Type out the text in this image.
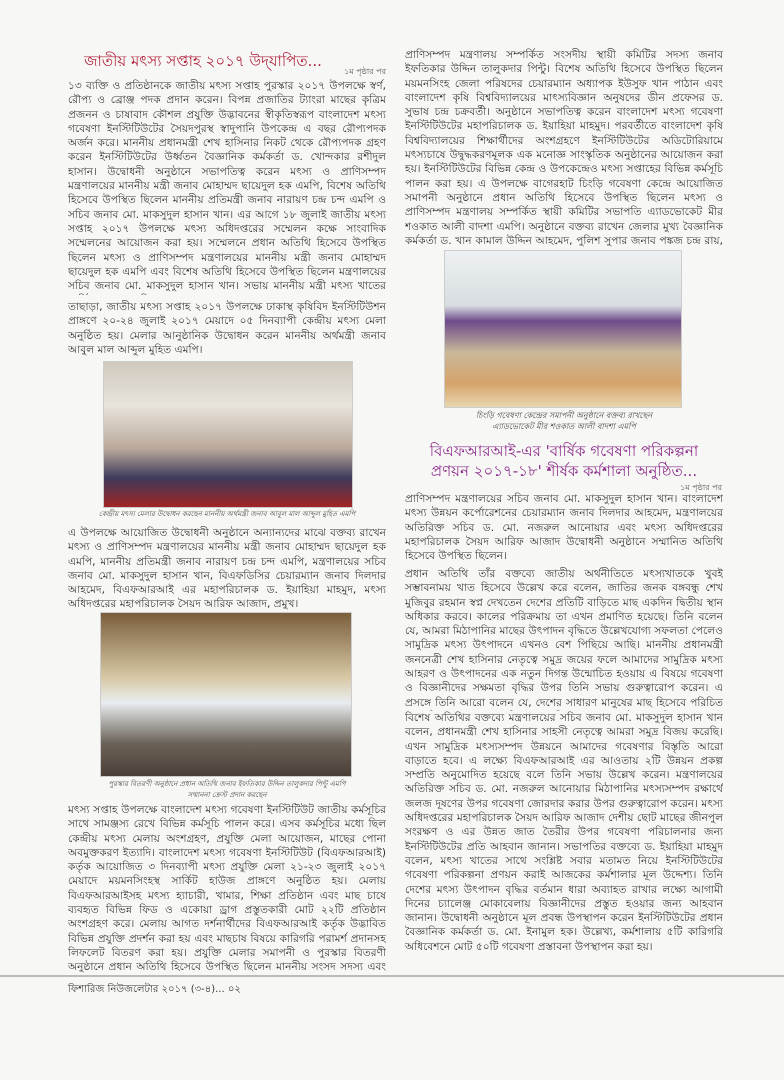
জাতীয় মৎস্য সপ্তাহ ২০১৭ উদ্‌যাপিত...
১ম পৃষ্ঠার পর
১৩ ব্যক্তি ও প্রতিষ্ঠানকে জাতীয় মৎস্য সপ্তাহ পুরস্কার ২০১৭ উপলক্ষে স্বর্ণ, রৌপ্য ও ব্রোঞ্জ পদক প্রদান করেন। বিপন্ন প্রজাতির ট্যাংরা মাছের কৃত্রিম প্রজনন ও চাষাবাদ কৌশল প্রযুক্তি উদ্ভাবনের স্বীকৃতিস্বরূপ বাংলাদেশ মৎস্য গবেষণা ইনস্টিটিউটের সৈয়দপুরস্থ স্বাদুপানি উপকেন্দ্র এ বছর রৌপ্যপদক অর্জন করে। মাননীয় প্রধানমন্ত্রী শেখ হাসিনার নিকট থেকে রৌপ্যপদক গ্রহণ করেন ইনস্টিটিউটের উর্ধ্বতন বৈজ্ঞানিক কর্মকর্তা ড. খোন্দকার রশীদুল হাসান। উদ্বোধনী অনুষ্ঠানে সভাপতিত্ব করেন মৎস্য ও প্রাণিসম্পদ মন্ত্রণালয়ের মাননীয় মন্ত্রী জনাব মোহাম্মদ ছায়েদুল হক এমপি, বিশেষ অতিথি হিসেবে উপস্থিত ছিলেন মাননীয় প্রতিমন্ত্রী জনাব নারায়ণ চন্দ্র চন্দ এমপি ও সচিব জনাব মো. মাকসুদুল হাসান খান। এর আগে ১৮ জুলাই জাতীয় মৎস্য সপ্তাহ ২০১৭ উপলক্ষে মৎস্য অধিদপ্তরের সম্মেলন কক্ষে সাংবাদিক সম্মেলনের আয়োজন করা হয়। সম্মেলনে প্রধান অতিথি হিসেবে উপস্থিত ছিলেন মৎস্য ও প্রাণিসম্পদ মন্ত্রণালয়ের মাননীয় মন্ত্রী জনাব মোহাম্মদ ছায়েদুল হক এমপি এবং বিশেষ অতিথি হিসেবে উপস্থিত ছিলেন মন্ত্রণালয়ের সচিব জনাব মো. মাকসুদুল হাসান খান। সভায় মাননীয় মন্ত্রী মৎস্য খাতের
তাছাড়া, জাতীয় মৎস্য সপ্তাহ ২০১৭ উপলক্ষে ঢাকাস্থ কৃষিবিদ ইনস্টিটিউশন প্রাঙ্গণে ২০-২৪ জুলাই ২০১৭ মেয়াদে ০৫ দিনব্যাপী কেন্দ্রীয় মৎস্য মেলা অনুষ্ঠিত হয়। মেলার আনুষ্ঠানিক উদ্বোধন করেন মাননীয় অর্থমন্ত্রী জনাব আবুল মাল আব্দুল মুহিত এমপি।
কেন্দ্রীয় মৎস্য মেলার উদ্বোধন করছেন মাননীয় অর্থমন্ত্রী জনাব আবুল মাল আব্দুল মুহিত এমপি
এ উপলক্ষে আয়োজিত উদ্বোধনী অনুষ্ঠানে অন্যান্যদের মাঝে বক্তব্য রাখেন মৎস্য ও প্রাণিসম্পদ মন্ত্রণালয়ের মাননীয় মন্ত্রী জনাব মোহাম্মদ ছায়েদুল হক এমপি, মাননীয় প্রতিমন্ত্রী জনাব নারায়ণ চন্দ্র চন্দ এমপি, মন্ত্রণালয়ের সচিব জনাব মো. মাকসুদুল হাসান খান, বিএফডিসির চেয়ারম্যান জনাব দিলদার আহমেদ, বিএফআরআই এর মহাপরিচালক ড. ইয়াহিয়া মাহমুদ, মৎস্য অধিদপ্তরের মহাপরিচালক সৈয়দ আরিফ আজাদ, প্রমুখ।
পুরস্কার বিতরণী অনুষ্ঠানে প্রধান অতিথি জনাব ইফতিকার উদ্দিন তালুকদার পিন্টু এমপি
সম্মাননা ক্রেস্ট প্রদান করছেন
মৎস্য সপ্তাহ উপলক্ষে বাংলাদেশ মৎস্য গবেষণা ইনস্টিটিউট জাতীয় কর্মসূচির সাথে সামঞ্জস্য রেখে বিভিন্ন কর্মসূচি পালন করে। এসব কর্মসূচির মধ্যে ছিল কেন্দ্রীয় মৎস্য মেলায় অংশগ্রহণ, প্রযুক্তি মেলা আয়োজন, মাছের পোনা অবমুক্তকরণ ইত্যাদি। বাংলাদেশ মৎস্য গবেষণা ইনস্টিটিউট (বিএফআরআই) কর্তৃক আয়োজিত ৩ দিনব্যাপী মৎস্য প্রযুক্তি মেলা ২১-২৩ জুলাই ২০১৭ মেয়াদে ময়মনসিংহস্থ সার্কিট হাউজ প্রাঙ্গণে অনুষ্ঠিত হয়। মেলায় বিএফআরআইসহ মৎস্য হ্যাচারী, খামার, শিক্ষা প্রতিষ্ঠান এবং মাছ চাষে ব্যবহৃত বিভিন্ন ফিড ও একোয়া ড্রাগ প্রস্তুতকারী মোট ২২টি প্রতিষ্ঠান অংশগ্রহণ করে। মেলায় আগত দর্শনার্থীদের বিএফআরআই কর্তৃক উদ্ভাবিত বিভিন্ন প্রযুক্তি প্রদর্শন করা হয় এবং মাছচাষ বিষয়ে কারিগরি পরামর্শ প্রদানসহ লিফলেট বিতরণ করা হয়। প্রযুক্তি মেলার সমাপনী ও পুরস্কার বিতরণী অনুষ্ঠানে প্রধান অতিথি হিসেবে উপস্থিত ছিলেন মাননীয় সংসদ সদস্য এবং
প্রাণিসম্পদ মন্ত্রণালয় সম্পর্কিত সংসদীয় স্থায়ী কমিটির সদস্য জনাব ইফতিকার উদ্দিন তালুকদার পিন্টু। বিশেষ অতিথি হিসেবে উপস্থিত ছিলেন ময়মনসিংহ জেলা পরিষদের চেয়ারম্যান অধ্যাপক ইউসুফ খান পাঠান এবং বাংলাদেশ কৃষি বিশ্ববিদ্যালয়ের মাৎস্যবিজ্ঞান অনুষদের ডীন প্রফেসর ড. সুভাষ চন্দ্র চক্রবর্তী। অনুষ্ঠানে সভাপতিত্ব করেন বাংলাদেশ মৎস্য গবেষণা ইনস্টিটিউটের মহাপরিচালক ড. ইয়াহিয়া মাহমুদ। পরবর্তীতে বাংলাদেশ কৃষি বিশ্ববিদ্যালয়ের শিক্ষার্থীদের অংশগ্রহণে ইনস্টিটিউটের অডিটোরিয়ামে মৎস্যচাষে উদ্বুদ্ধকরণমূলক এক মনোজ্ঞ সাংস্কৃতিক অনুষ্ঠানের আয়োজন করা হয়। ইনস্টিটিউটের বিভিন্ন কেন্দ্র ও উপকেন্দ্রেও মৎস্য সপ্তাহের বিভিন্ন কর্মসূচি পালন করা হয়। এ উপলক্ষে বাগেরহাট চিংড়ি গবেষণা কেন্দ্রে আয়োজিত সমাপনী অনুষ্ঠানে প্রধান অতিথি হিসেবে উপস্থিত ছিলেন মৎস্য ও প্রাণিসম্পদ মন্ত্রণালয় সম্পর্কিত স্থায়ী কমিটির সভাপতি এ্যাডভোকেট মীর শওকাত আলী বাদশা এমপি। অনুষ্ঠানে বক্তব্য রাখেন জেলার মুখ্য বৈজ্ঞানিক কর্মকর্তা ড. খান কামাল উদ্দিন আহমেদ, পুলিশ সুপার জনাব পঙ্কজ চন্দ্র রায়,
চিংড়ি গবেষণা কেন্দ্রের সমাপনী অনুষ্ঠানে বক্তব্য রাখছেন
এ্যাডভোকেট মীর শওকাত আলী বাদশা এমপি
বিএফআরআই-এর 'বার্ষিক গবেষণা পরিকল্পনা
প্রণয়ন ২০১৭-১৮' শীর্ষক কর্মশালা অনুষ্ঠিত...
১ম পৃষ্ঠার পর
প্রাণিসম্পদ মন্ত্রণালয়ের সচিব জনাব মো. মাকসুদুল হাসান খান। বাংলাদেশ মৎস্য উন্নয়ন কর্পোরেশনের চেয়ারম্যান জনাব দিলদার আহমেদ, মন্ত্রণালয়ের অতিরিক্ত সচিব ড. মো. নজরুল আনোয়ার এবং মৎস্য অধিদপ্তরের মহাপরিচালক সৈয়দ আরিফ আজাদ উদ্বোধনী অনুষ্ঠানে সম্মানিত অতিথি হিসেবে উপস্থিত ছিলেন।
প্রধান অতিথি তাঁর বক্তব্যে জাতীয় অর্থনীতিতে মৎস্যখাতকে খুবই সম্ভাবনাময় খাত হিসেবে উল্লেখ করে বলেন, জাতির জনক বঙ্গবন্ধু শেখ মুজিবুর রহমান স্বপ্ন দেখতেন দেশের প্রতিটি বাড়িতে মাছ একদিন দ্বিতীয় স্থান অধিকার করবে। কালের পরিক্রমায় তা এখন প্রমাণিত হয়েছে। তিনি বলেন যে, আমরা মিঠাপানির মাছের উৎপাদন বৃদ্ধিতে উল্লেখযোগ্য সফলতা পেলেও সামুদ্রিক মৎস্য উৎপাদনে এখনও বেশ পিছিয়ে আছি। মাননীয় প্রধানমন্ত্রী জননেত্রী শেখ হাসিনার নেতৃত্বে সমুদ্র জয়ের ফলে আমাদের সামুদ্রিক মৎস্য আহরণ ও উৎপাদনের এক নতুন দিগন্ত উন্মোচিত হওয়ায় এ বিষয়ে গবেষণা ও বিজ্ঞানীদের সক্ষমতা বৃদ্ধির উপর তিনি সভায় গুরুত্বারোপ করেন। এ প্রসঙ্গে তিনি আরো বলেন যে, দেশের সাধারণ মানুষের মাছ হিসেবে পরিচিত
বিশেষ অতিথির বক্তব্যে মন্ত্রণালয়ের সচিব জনাব মো. মাকসুদুল হাসান খান বলেন, প্রধানমন্ত্রী শেখ হাসিনার সাহসী নেতৃত্বে আমরা সমুদ্র বিজয় করেছি। এখন সামুদ্রিক মৎস্যসম্পদ উন্নয়নে আমাদের গবেষণার বিস্তৃতি আরো বাড়াতে হবে। এ লক্ষ্যে বিএফআরআই এর আওতায় ২টি উন্নয়ন প্রকল্প সম্প্রতি অনুমোদিত হয়েছে বলে তিনি সভায় উল্লেখ করেন। মন্ত্রণালয়ের অতিরিক্ত সচিব ড. মো. নজরুল আনোয়ার মিঠাপানির মৎস্যসম্পদ রক্ষার্থে জলজ দূষণের উপর গবেষণা জোরদার করার উপর গুরুত্বারোপ করেন। মৎস্য অধিদপ্তরের মহাপরিচালক সৈয়দ আরিফ আজাদ দেশীয় ছোট মাছের জীনপুল সংরক্ষণ ও এর উন্নত জাত তৈরীর উপর গবেষণা পরিচালনার জন্য ইনস্টিটিউটের প্রতি আহবান জানান। সভাপতির বক্তব্যে ড. ইয়াহিয়া মাহমুদ বলেন, মৎস্য খাতের সাথে সংশ্লিষ্ট সবার মতামত নিয়ে ইনস্টিটিউটের গবেষণা পরিকল্পনা প্রণয়ন করাই আজকের কর্মশালার মূল উদ্দেশ্য। তিনি দেশের মৎস্য উৎপাদন বৃদ্ধির বর্তমান ধারা অব্যাহত রাখার লক্ষ্যে আগামী দিনের চ্যালেঞ্জ মোকাবেলায় বিজ্ঞানীদের প্রস্তুত হওয়ার জন্য আহবান জানান। উদ্বোধনী অনুষ্ঠানে মূল প্রবন্ধ উপস্থাপন করেন ইনস্টিটিউটের প্রধান বৈজ্ঞানিক কর্মকর্তা ড. মো. ইনামুল হক। উল্লেখ্য, কর্মশালায় ৫টি কারিগরি অধিবেশনে মোট ৫০টি গবেষণা প্রস্তাবনা উপস্থাপন করা হয়।
ফিশারিজ নিউজলেটার ২০১৭ (৩-৪)... ০২
